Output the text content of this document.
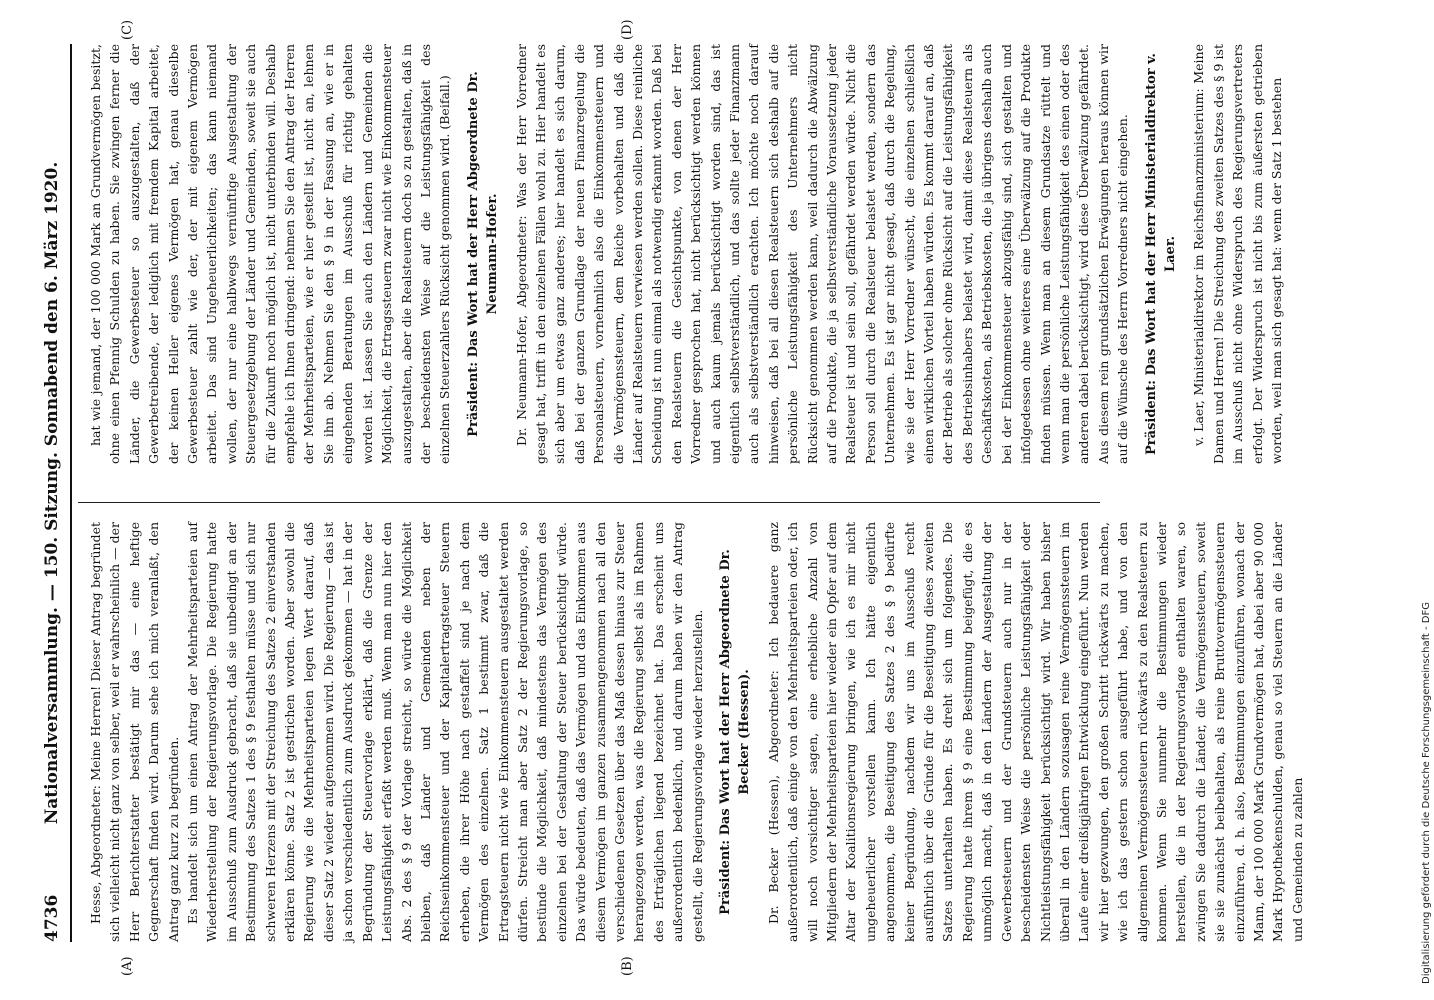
4736
Nationalversammlung. — 150. Sitzung. Sonnabend den 6. März 1920.
(A)	(B)
(C)	(D)

Hesse, Abgeordneter: Meine Herren! Dieser Antrag begründet sich vielleicht nicht ganz von selber, weil er wahrscheinlich — der Herr Berichterstatter bestätigt mir das — eine heftige Gegnerschaft finden wird. Darum sehe ich mich veranlaßt, den Antrag ganz kurz zu begründen. Es handelt sich um einen Antrag der Mehrheitsparteien auf Wiederherstellung der Regierungsvorlage. Die Regierung hatte im Ausschuß zum Ausdruck gebracht, daß sie unbedingt an der Bestimmung des Satzes 1 des § 9 festhalten müsse und sich nur schweren Herzens mit der Streichung des Satzes 2 einverstanden erklären könne. Satz 2 ist gestrichen worden. Aber sowohl die Regierung wie die Mehrheitsparteien legen Wert darauf, daß dieser Satz 2 wieder aufgenommen wird. Die Regierung — das ist ja schon verschiedentlich zum Ausdruck gekommen — hat in der Begründung der Steuervorlage erklärt, daß die Grenze der Leistungsfähigkeit erfaßt werden muß. Wenn man nun hier den Abs. 2 des § 9 der Vorlage streicht, so würde die Möglichkeit bleiben, daß Länder und Gemeinden neben der Reichseinkommensteuer und der Kapitalertragsteuer Steuern erheben, die ihrer Höhe nach gestaffelt sind je nach dem Vermögen des einzelnen. Satz 1 bestimmt zwar, daß die Ertragsteuern nicht wie Einkommensteuern ausgestaltet werden dürfen. Streicht man aber Satz 2 der Regierungsvorlage, so bestünde die Möglichkeit, daß mindestens das Vermögen des einzelnen bei der Gestaltung der Steuer berücksichtigt würde. Das würde bedeuten, daß das Vermögen und das Einkommen aus diesem Vermögen im ganzen zusammengenommen nach all den verschiedenen Gesetzen über das Maß dessen hinaus zur Steuer herangezogen werden, was die Regierung selbst als im Rahmen des Erträglichen liegend bezeichnet hat. Das erscheint uns außerordentlich bedenklich, und darum haben wir den Antrag gestellt, die Regierungsvorlage wieder herzustellen. Präsident: Das Wort hat der Herr Abgeordnete Dr. Becker (Hessen). Dr. Becker (Hessen), Abgeordneter: Ich bedauere ganz außerordentlich, daß einige von den Mehrheitsparteien oder, ich will noch vorsichtiger sagen, eine erhebliche Anzahl von Mitgliedern der Mehrheitsparteien hier wieder ein Opfer auf dem Altar der Koalitionsregierung bringen, wie ich es mir nicht ungeheuerlicher vorstellen kann. Ich hätte eigentlich angenommen, die Beseitigung des Satzes 2 des § 9 bedürfte keiner Begründung, nachdem wir uns im Ausschuß recht ausführlich über die Gründe für die Beseitigung dieses zweiten Satzes unterhalten haben. Es dreht sich um folgendes. Die Regierung hatte ihrem § 9 eine Bestimmung beigefügt, die es unmöglich macht, daß in den Ländern der Ausgestaltung der Gewerbesteuern und der Grundsteuern auch nur in der bescheidensten Weise die persönliche Leistungsfähigkeit oder Nichtleistungsfähigkeit berücksichtigt wird. Wir haben bisher überall in den Ländern sozusagen reine Vermögenssteuern im Laufe einer dreißigjährigen Entwicklung eingeführt. Nun werden wir hier gezwungen, den großen Schritt rückwärts zu machen, wie ich das gestern schon ausgeführt habe, und von den allgemeinen Vermögenssteuern rückwärts zu den Realsteuern zu kommen. Wenn Sie nunmehr die Bestimmungen wieder herstellen, die in der Regierungsvorlage enthalten waren, so zwingen Sie dadurch die Länder, die Vermögenssteuern, soweit sie sie zunächst beibehalten, als reine Bruttovermögenssteuern einzuführen, d. h. also, Bestimmungen einzuführen, wonach der Mann, der 100 000 Mark Grundvermögen hat, dabei aber 90 000 Mark Hypothekenschulden, genau so viel Steuern an die Länder und Gemeinden zu zahlen

hat wie jemand, der 100 000 Mark an Grundvermögen besitzt, ohne einen Pfennig Schulden zu haben. Sie zwingen ferner die Länder, die Gewerbesteuer so auszugestalten, daß der Gewerbetreibende, der lediglich mit fremdem Kapital arbeitet, der keinen Heller eigenes Vermögen hat, genau dieselbe Gewerbesteuer zahlt wie der, der mit eigenem Vermögen arbeitet. Das sind Ungeheuerlichkeiten; das kann niemand wollen, der nur eine halbwegs vernünftige Ausgestaltung der Steuergesetzgebung der Länder und Gemeinden, soweit sie auch für die Zukunft noch möglich ist, nicht unterbinden will. Deshalb empfehle ich Ihnen dringend: nehmen Sie den Antrag der Herren der Mehrheitsparteien, wie er hier gestellt ist, nicht an, lehnen Sie ihn ab. Nehmen Sie den § 9 in der Fassung an, wie er in eingehenden Beratungen im Ausschuß für richtig gehalten worden ist. Lassen Sie auch den Ländern und Gemeinden die Möglichkeit, die Ertragssteuern zwar nicht wie Einkommensteuer auszugestalten, aber die Realsteuern doch so zu gestalten, daß in der bescheidensten Weise auf die Leistungsfähigkeit des einzelnen Steuerzahlers Rücksicht genommen wird. (Beifall.) Präsident: Das Wort hat der Herr Abgeordnete Dr. Neumann-Hofer. Dr. Neumann-Hofer, Abgeordneter: Was der Herr Vorredner gesagt hat, trifft in den einzelnen Fällen wohl zu. Hier handelt es sich aber um etwas ganz anderes; hier handelt es sich darum, daß bei der ganzen Grundlage der neuen Finanzregelung die Personalsteuern, vornehmlich also die Einkommensteuern und die Vermögenssteuern, dem Reiche vorbehalten und daß die Länder auf Realsteuern verwiesen werden sollen. Diese reinliche Scheidung ist nun einmal als notwendig erkannt worden. Daß bei den Realsteuern die Gesichtspunkte, von denen der Herr Vorredner gesprochen hat, nicht berücksichtigt werden können und auch kaum jemals berücksichtigt worden sind, das ist eigentlich selbstverständlich, und das sollte jeder Finanzmann auch als selbstverständlich erachten. Ich möchte noch darauf hinweisen, daß bei all diesen Realsteuern sich deshalb auf die persönliche Leistungsfähigkeit des Unternehmers nicht Rücksicht genommen werden kann, weil dadurch die Abwälzung auf die Produkte, die ja selbstverständliche Voraussetzung jeder Realsteuer ist und sein soll, gefährdet werden würde. Nicht die Person soll durch die Realsteuer belastet werden, sondern das Unternehmen. Es ist gar nicht gesagt, daß durch die Regelung, wie sie der Herr Vorredner wünscht, die einzelnen schließlich einen wirklichen Vorteil haben würden. Es kommt darauf an, daß der Betrieb als solcher ohne Rücksicht auf die Leistungsfähigkeit des Betriebsinhabers belastet wird, damit diese Realsteuern als Geschäftskosten, als Betriebskosten, die ja übrigens deshalb auch bei der Einkommensteuer abzugsfähig sind, sich gestalten und infolgedessen ohne weiteres eine Überwälzung auf die Produkte finden müssen. Wenn man an diesem Grundsatze rüttelt und wenn man die persönliche Leistungsfähigkeit des einen oder des anderen dabei berücksichtigt, wird diese Überwälzung gefährdet. Aus diesem rein grundsätzlichen Erwägungen heraus können wir auf die Wünsche des Herrn Vorredners nicht eingehen. Präsident: Das Wort hat der Herr Ministerialdirektor v. Laer. v. Laer, Ministerialdirektor im Reichsfinanzministerium: Meine Damen und Herren! Die Streichung des zweiten Satzes des § 9 ist im Ausschuß nicht ohne Widerspruch des Regierungsvertreters erfolgt. Der Widerspruch ist nicht bis zum äußersten getrieben worden, weil man sich gesagt hat: wenn der Satz 1 bestehen

Digitalisierung gefördert durch die Deutsche Forschungsgemeinschaft - DFG
